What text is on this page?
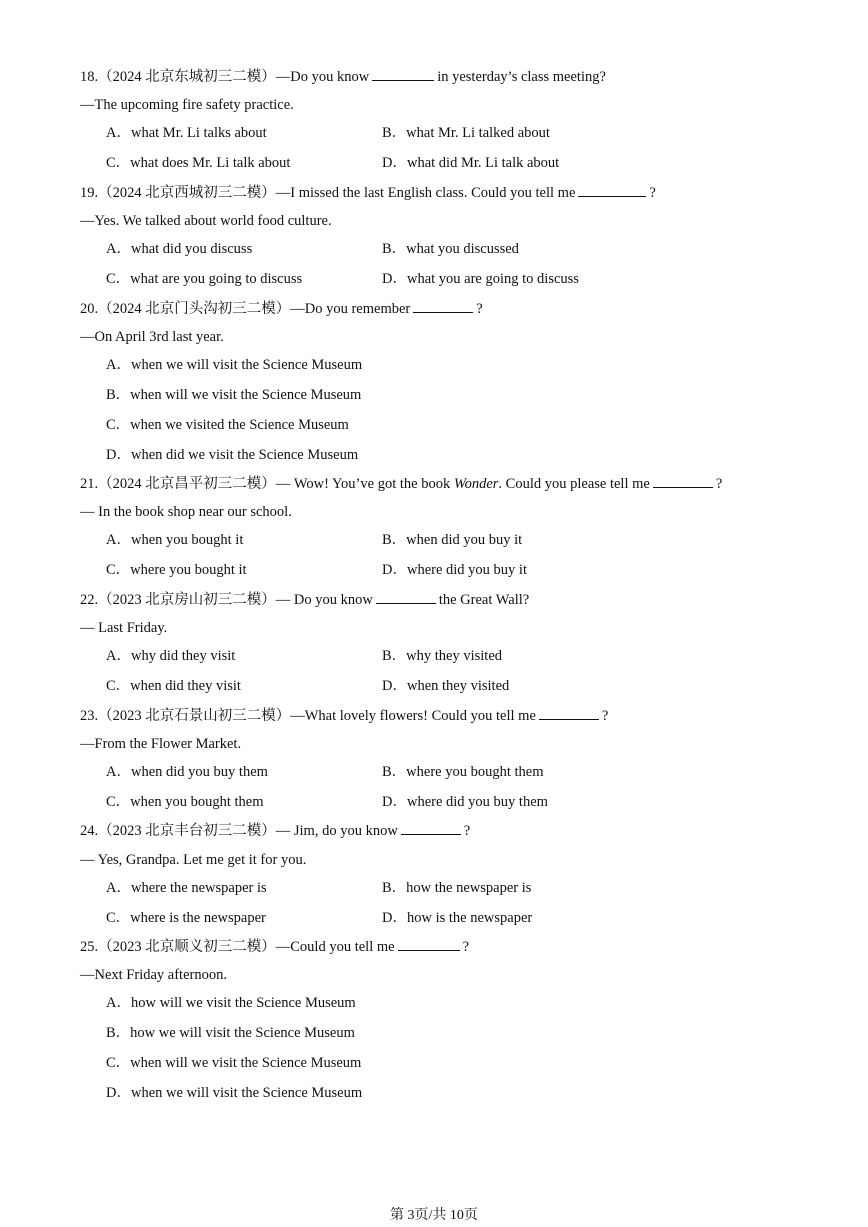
18.（2024 北京东城初三二模）—Do you know	in yesterday’s class meeting?
—The upcoming fire safety practice.
A．what Mr. Li talks about	B．what Mr. Li talked about
C．what does Mr. Li talk about	D．what did Mr. Li talk about
19.（2024 北京西城初三二模）—I missed the last English class. Could you tell me	?
—Yes. We talked about world food culture.
A．what did you discuss	B．what you discussed
C．what are you going to discuss	D．what you are going to discuss
20.（2024 北京门头沟初三二模）—Do you remember	?
—On April 3rd last year.
A．when we will visit the Science Museum
B．when will we visit the Science Museum
C．when we visited the Science Museum
D．when did we visit the Science Museum
21.（2024 北京昌平初三二模）— Wow! You’ve got the book Wonder. Could you please tell me	?
— In the book shop near our school.
A．when you bought it	B．when did you buy it
C．where you bought it	D．where did you buy it
22.（2023 北京房山初三二模）— Do you know	the Great Wall?
— Last Friday.
A．why did they visit	B．why they visited
C．when did they visit	D．when they visited
23.（2023 北京石景山初三二模）—What lovely flowers! Could you tell me	?
—From the Flower Market.
A．when did you buy them	B．where you bought them
C．when you bought them	D．where did you buy them
24.（2023 北京丰台初三二模）— Jim, do you know	?
— Yes, Grandpa. Let me get it for you.
A．where the newspaper is	B．how the newspaper is
C．where is the newspaper	D．how is the newspaper
25.（2023 北京顺义初三二模）—Could you tell me	?
—Next Friday afternoon.
A．how will we visit the Science Museum
B．how we will visit the Science Museum
C．when will we visit the Science Museum
D．when we will visit the Science Museum
第 3页/共 10页
